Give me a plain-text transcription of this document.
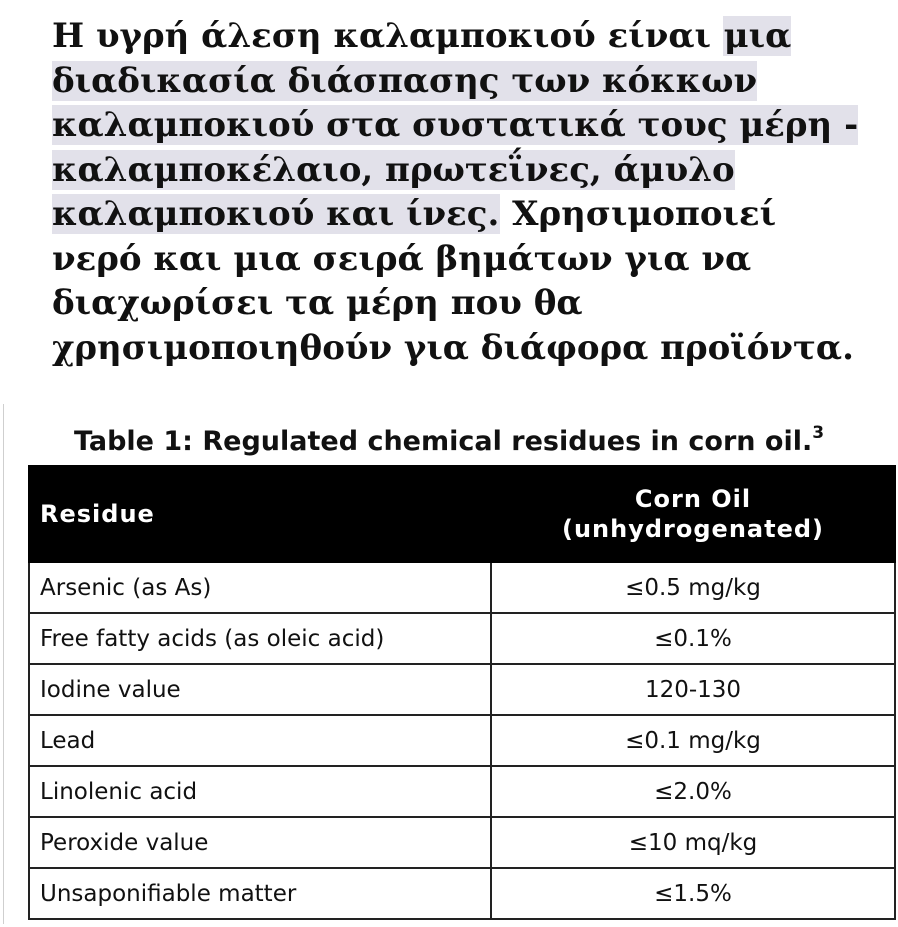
Η υγρή άλεση καλαμποκιού είναι μια διαδικασία διάσπασης των κόκκων καλαμποκιού στα συστατικά τους μέρη - καλαμποκέλαιο, πρωτεΐνες, άμυλο καλαμποκιού και ίνες. Χρησιμοποιεί νερό και μια σειρά βημάτων για να διαχωρίσει τα μέρη που θα χρησιμοποιηθούν για διάφορα προϊόντα.

Table 1: Regulated chemical residues in corn oil.$^3$

Residue	Corn Oil
(unhydrogenated)
Arsenic (as As)	≤0.5 mg/kg
Free fatty acids (as oleic acid)	≤0.1%
Iodine value	120-130
Lead	≤0.1 mg/kg
Linolenic acid	≤2.0%
Peroxide value	≤10 mq/kg
Unsaponifiable matter	≤1.5%
